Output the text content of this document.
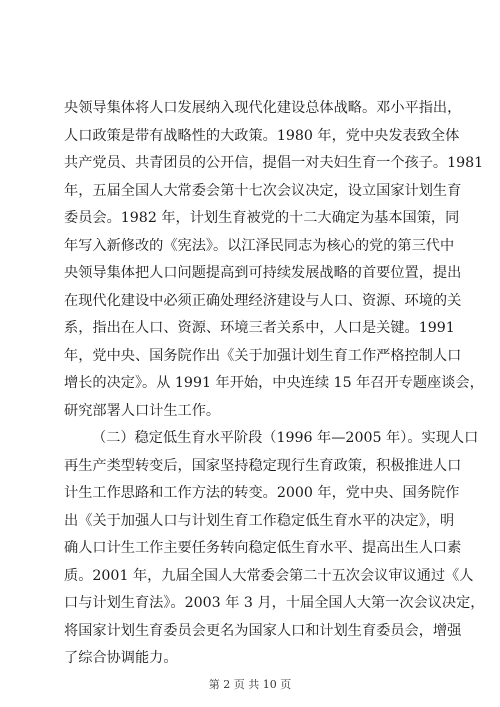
央领导集体将人口发展纳入现代化建设总体战略。邓小平指出，
人口政策是带有战略性的大政策。1980 年，党中央发表致全体
共产党员、共青团员的公开信，提倡一对夫妇生育一个孩子。1981
年，五届全国人大常委会第十七次会议决定，设立国家计划生育
委员会。1982 年，计划生育被党的十二大确定为基本国策，同
年写入新修改的《宪法》。以江泽民同志为核心的党的第三代中
央领导集体把人口问题提高到可持续发展战略的首要位置，提出
在现代化建设中必须正确处理经济建设与人口、资源、环境的关
系，指出在人口、资源、环境三者关系中，人口是关键。1991
年，党中央、国务院作出《关于加强计划生育工作严格控制人口
增长的决定》。从 1991 年开始，中央连续 15 年召开专题座谈会，
研究部署人口计生工作。
（二）稳定低生育水平阶段（1996 年—2005 年）。实现人口
再生产类型转变后，国家坚持稳定现行生育政策，积极推进人口
计生工作思路和工作方法的转变。2000 年，党中央、国务院作
出《关于加强人口与计划生育工作稳定低生育水平的决定》，明
确人口计生工作主要任务转向稳定低生育水平、提高出生人口素
质。2001 年，九届全国人大常委会第二十五次会议审议通过《人
口与计划生育法》。2003 年 3 月，十届全国人大第一次会议决定，
将国家计划生育委员会更名为国家人口和计划生育委员会，增强
了综合协调能力。
第 2 页 共 10 页
